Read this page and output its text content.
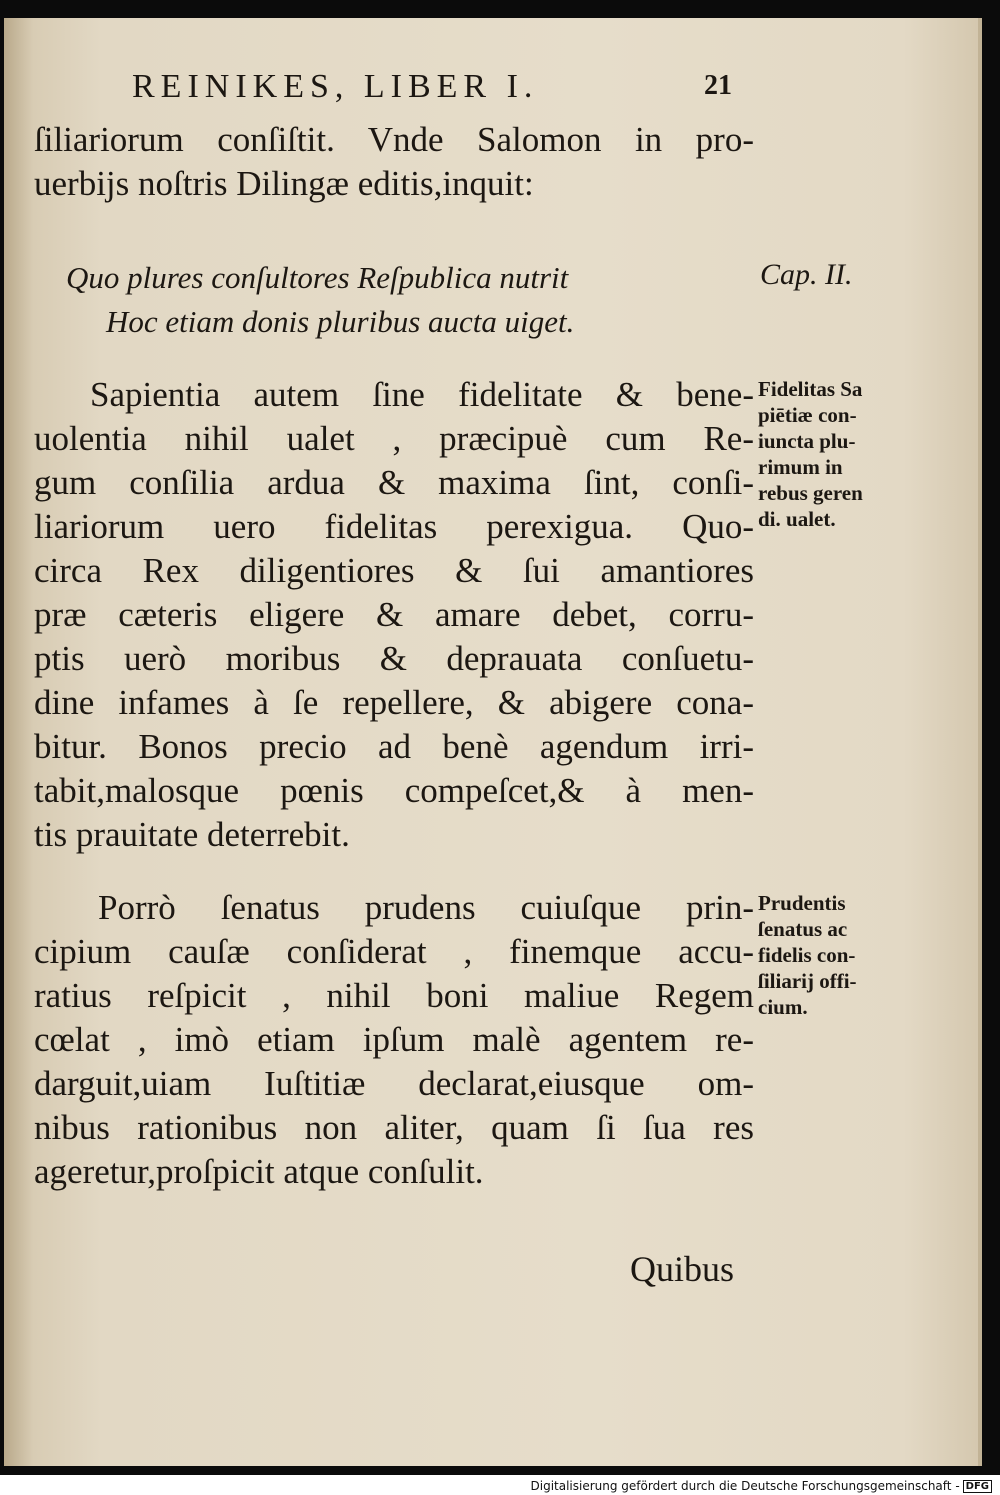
REINIKES, LIBER I.	21
ſiliariorum conſiſtit. Vnde Salomon in pro-
uerbijs noſtris Dilingæ editis,inquit:
Quo plures conſultores Reſpublica nutrit
Hoc etiam donis pluribus aucta uiget.
Cap. II.
Sapientia autem ſine fidelitate & bene-
uolentia nihil ualet , præcipuè cum Re-
gum conſilia ardua & maxima ſint, conſi-
liariorum uero fidelitas perexigua. Quo-
circa Rex diligentiores & ſui amantiores
præ cæteris eligere & amare debet, corru-
ptis uerò moribus & deprauata conſuetu-
dine infames à ſe repellere, & abigere cona-
bitur. Bonos precio ad benè agendum irri-
tabit,malosque pœnis compeſcet,& à men-
tis prauitate deterrebit.
Fidelitas Sa
piētiæ con-
iuncta plu-
rimum in
rebus geren
di. ualet.
Porrò ſenatus prudens cuiuſque prin-
cipium cauſæ conſiderat , finemque accu-
ratius reſpicit , nihil boni maliue Regem
cœlat , imò etiam ipſum malè agentem re-
darguit,uiam Iuſtitiæ declarat,eiusque om-
nibus rationibus non aliter, quam ſi ſua res
ageretur,proſpicit atque conſulit.
Prudentis
ſenatus ac
fidelis con-
ſiliarij offi-
cium.
Quibus
Digitalisierung gefördert durch die Deutsche Forschungsgemeinschaft - DFG
